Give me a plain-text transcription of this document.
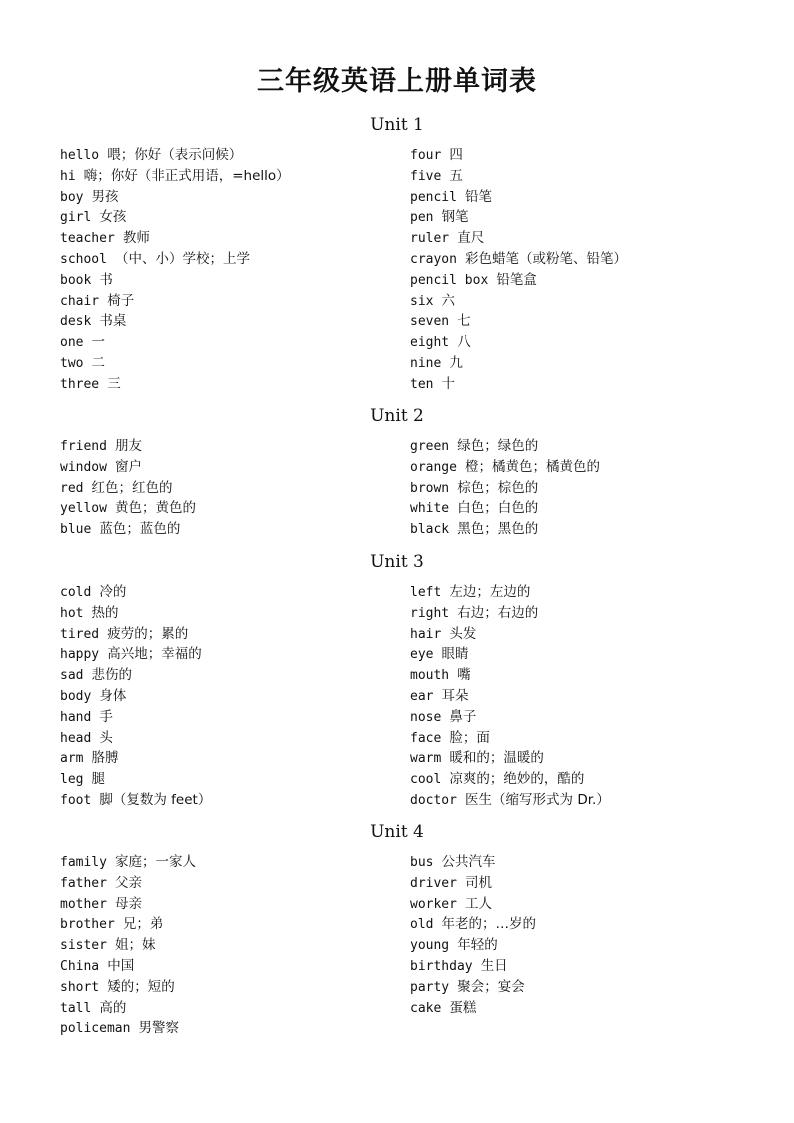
三年级英语上册单词表
Unit 1
hello 喂；你好（表示问候）
hi 嗨；你好（非正式用语，=hello）
boy 男孩
girl 女孩
teacher 教师
school （中、小）学校；上学
book 书
chair 椅子
desk 书桌
one 一
two 二
three 三
four 四
five 五
pencil 铅笔
pen 钢笔
ruler 直尺
crayon 彩色蜡笔（或粉笔、铅笔）
pencil box 铅笔盒
six 六
seven 七
eight 八
nine 九
ten 十
Unit 2
friend 朋友
window 窗户
red 红色；红色的
yellow 黄色；黄色的
blue 蓝色；蓝色的
green 绿色；绿色的
orange 橙；橘黄色；橘黄色的
brown 棕色；棕色的
white 白色；白色的
black 黑色；黑色的
Unit 3
cold 冷的
hot 热的
tired 疲劳的；累的
happy 高兴地；幸福的
sad 悲伤的
body 身体
hand 手
head 头
arm 胳膊
leg 腿
foot 脚（复数为 feet）
left 左边；左边的
right 右边；右边的
hair 头发
eye 眼睛
mouth 嘴
ear 耳朵
nose 鼻子
face 脸；面
warm 暖和的；温暖的
cool 凉爽的；绝妙的，酷的
doctor 医生（缩写形式为 Dr.）
Unit 4
family 家庭；一家人
father 父亲
mother 母亲
brother 兄；弟
sister 姐；妹
China 中国
short 矮的；短的
tall 高的
policeman 男警察
bus 公共汽车
driver 司机
worker 工人
old 年老的；…岁的
young 年轻的
birthday 生日
party 聚会；宴会
cake 蛋糕
